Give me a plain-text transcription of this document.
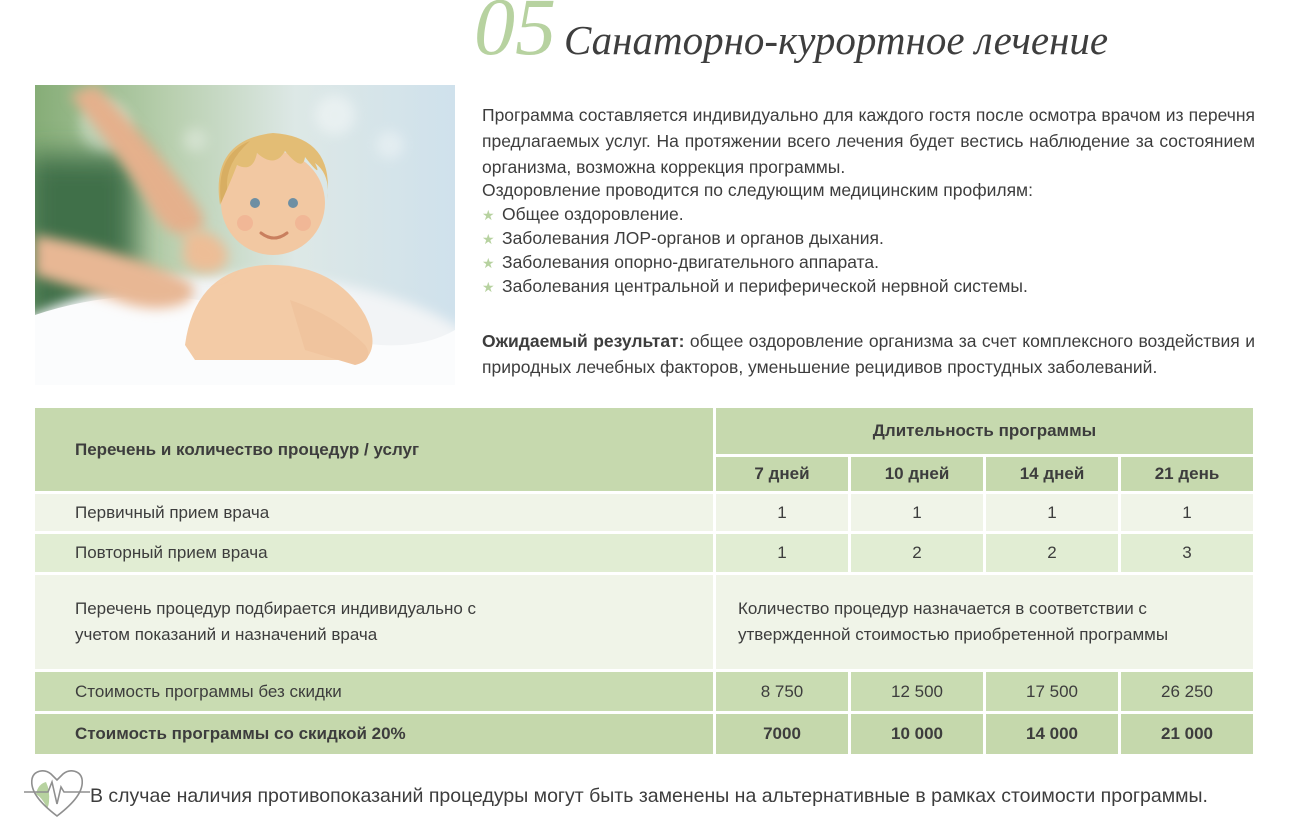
05 Санаторно-курортное лечение

Программа составляется индивидуально для каждого гостя после осмотра врачом из перечня предлагаемых услуг. На протяжении всего лечения будет вестись наблюдение за состоянием организма, возможна коррекция программы.

Оздоровление проводится по следующим медицинским профилям:
★ Общее оздоровление.
★ Заболевания ЛОР-органов и органов дыхания.
★ Заболевания опорно-двигательного аппарата.
★ Заболевания центральной и периферической нервной системы.

Ожидаемый результат: общее оздоровление организма за счет комплексного воздействия и природных лечебных факторов, уменьшение рецидивов простудных заболеваний.

Перечень и количество процедур / услуг
Длительность программы
7 дней	10 дней	14 дней	21 день
Первичный прием врача	1	1	1	1
Повторный прием врача	1	2	2	3
Перечень процедур подбирается индивидуально с учетом показаний и назначений врача
Количество процедур назначается в соответствии с утвержденной стоимостью приобретенной программы
Стоимость программы без скидки	8 750	12 500	17 500	26 250
Стоимость программы со скидкой 20%	7000	10 000	14 000	21 000
В случае наличия противопоказаний процедуры могут быть заменены на альтернативные в рамках стоимости программы.
